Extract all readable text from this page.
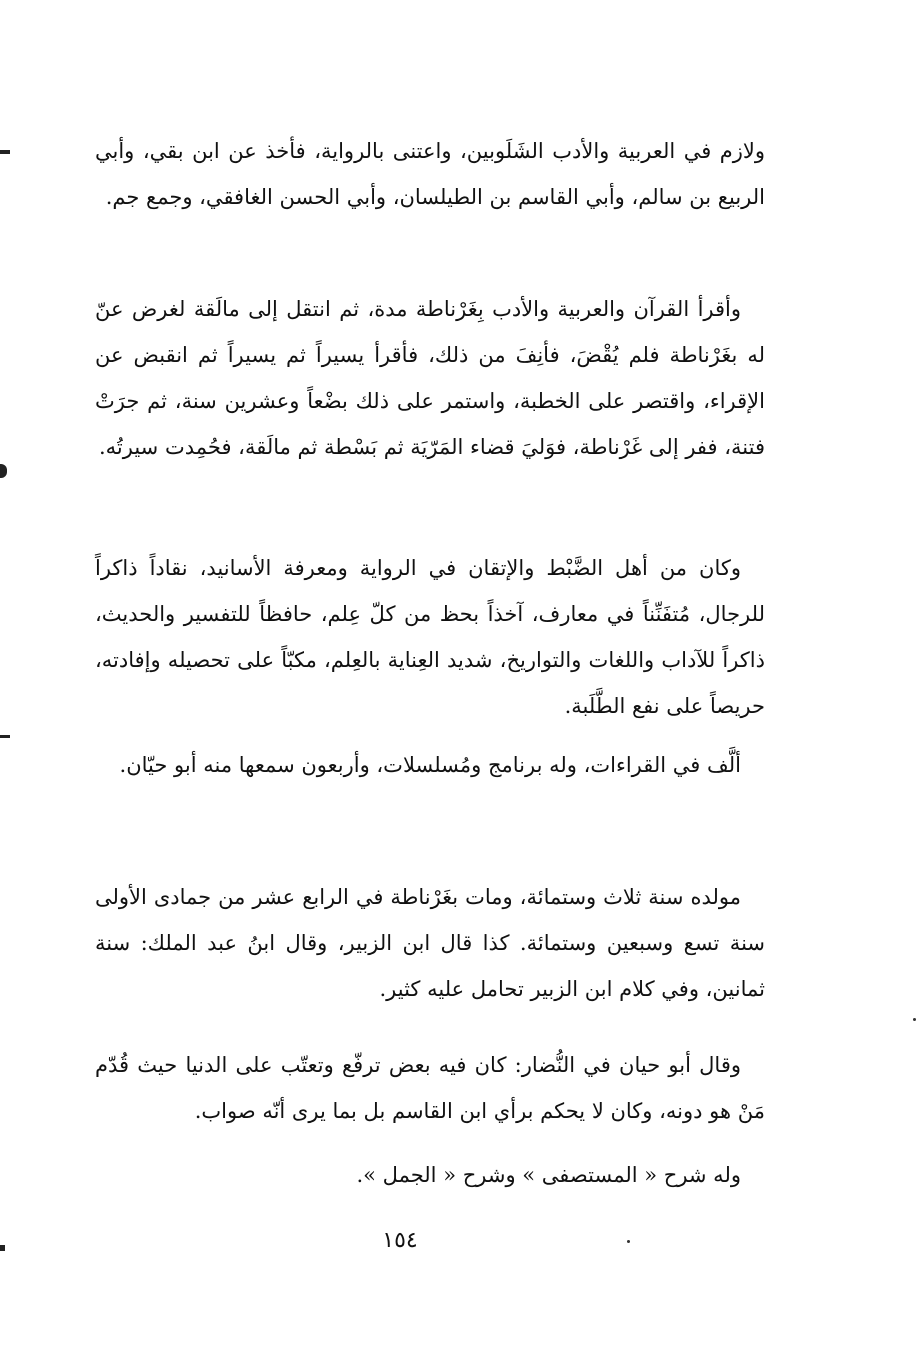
ولازم في العربية والأدب الشَلَوبين، واعتنى بالرواية، فأخذ عن ابن بقي، وأبي الربيع بن سالم، وأبي القاسم بن الطيلسان، وأبي الحسن الغافقي، وجمع جم.

وأقرأ القرآن والعربية والأدب بِغَرْناطة مدة، ثم انتقل إلى مالَقة لغرض عنّ له بغَرْناطة فلم يُقْضَ، فأنِفَ من ذلك، فأقرأ يسيراً ثم يسيراً ثم انقبض عن الإقراء، واقتصر على الخطبة، واستمر على ذلك بضْعاً وعشرين سنة، ثم جرَتْ فتنة، ففر إلى غَرْناطة، فوَليَ قضاء المَرّيَة ثم بَسْطة ثم مالَقة، فحُمِدت سيرتُه.

وكان من أهل الضَّبْط والإتقان في الرواية ومعرفة الأسانيد، نقاداً ذاكراً للرجال، مُتفَنِّناً في معارف، آخذاً بحظ من كلّ عِلم، حافظاً للتفسير والحديث، ذاكراً للآداب واللغات والتواريخ، شديد العِناية بالعِلم، مكبّاً على تحصيله وإفادته، حريصاً على نفع الطَّلَبة.

ألَّف في القراءات، وله برنامج ومُسلسلات، وأربعون سمعها منه أبو حيّان.

مولده سنة ثلاث وستمائة، ومات بغَرْناطة في الرابع عشر من جمادى الأولى سنة تسع وسبعين وستمائة. كذا قال ابن الزبير، وقال ابنُ عبد الملك: سنة ثمانين، وفي كلام ابن الزبير تحامل عليه كثير.

وقال أبو حيان في النُّضار: كان فيه بعض ترفّع وتعتّب على الدنيا حيث قُدّم مَنْ هو دونه، وكان لا يحكم برأي ابن القاسم بل بما يرى أنّه صواب.

وله شرح « المستصفى » وشرح « الجمل ».

١٥٤
